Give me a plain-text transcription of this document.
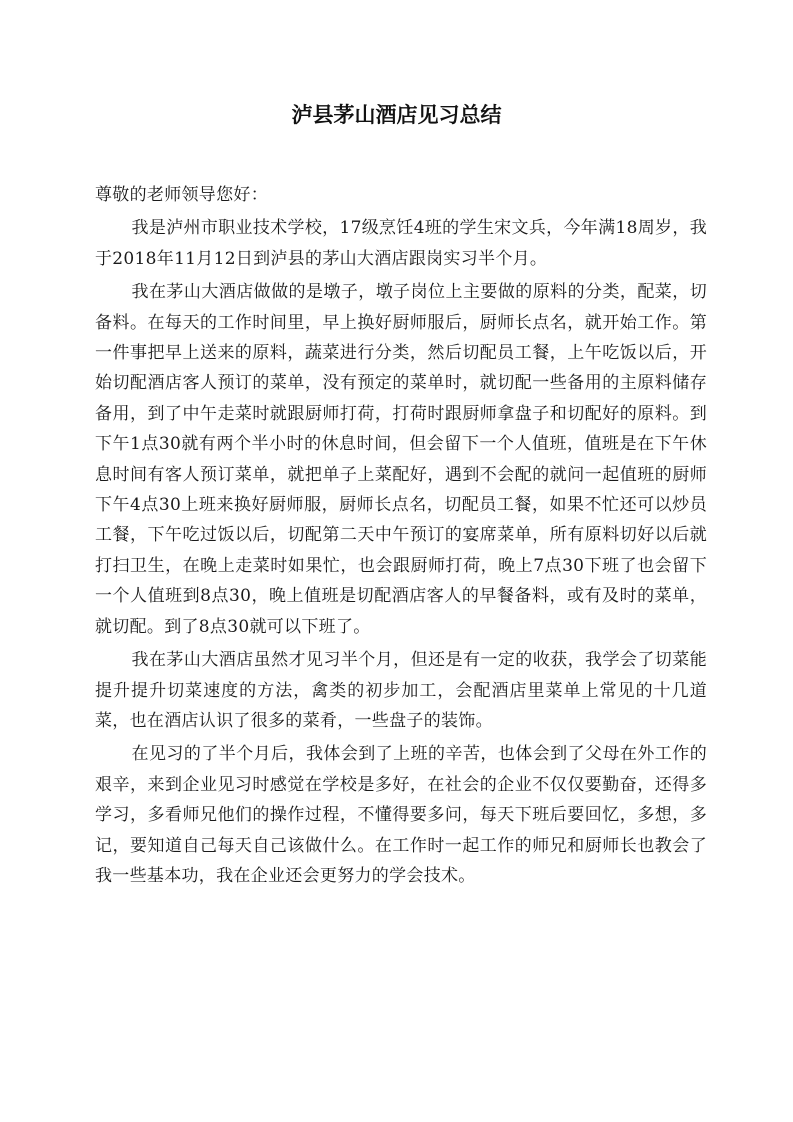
泸县茅山酒店见习总结

尊敬的老师领导您好：

我是泸州市职业技术学校，17级烹饪4班的学生宋文兵，今年满18周岁，我于2018年11月12日到泸县的茅山大酒店跟岗实习半个月。

我在茅山大酒店做做的是墩子，墩子岗位上主要做的原料的分类，配菜，切备料。在每天的工作时间里，早上换好厨师服后，厨师长点名，就开始工作。第一件事把早上送来的原料，蔬菜进行分类，然后切配员工餐，上午吃饭以后，开始切配酒店客人预订的菜单，没有预定的菜单时，就切配一些备用的主原料储存备用，到了中午走菜时就跟厨师打荷，打荷时跟厨师拿盘子和切配好的原料。到下午1点30就有两个半小时的休息时间，但会留下一个人值班，值班是在下午休息时间有客人预订菜单，就把单子上菜配好，遇到不会配的就问一起值班的厨师下午4点30上班来换好厨师服，厨师长点名，切配员工餐，如果不忙还可以炒员工餐，下午吃过饭以后，切配第二天中午预订的宴席菜单，所有原料切好以后就打扫卫生，在晚上走菜时如果忙，也会跟厨师打荷，晚上7点30下班了也会留下一个人值班到8点30，晚上值班是切配酒店客人的早餐备料，或有及时的菜单，就切配。到了8点30就可以下班了。

我在茅山大酒店虽然才见习半个月，但还是有一定的收获，我学会了切菜能提升提升切菜速度的方法，禽类的初步加工，会配酒店里菜单上常见的十几道菜，也在酒店认识了很多的菜肴，一些盘子的装饰。

在见习的了半个月后，我体会到了上班的辛苦，也体会到了父母在外工作的艰辛，来到企业见习时感觉在学校是多好，在社会的企业不仅仅要勤奋，还得多学习，多看师兄他们的操作过程，不懂得要多问，每天下班后要回忆，多想，多记，要知道自己每天自己该做什么。在工作时一起工作的师兄和厨师长也教会了我一些基本功，我在企业还会更努力的学会技术。
